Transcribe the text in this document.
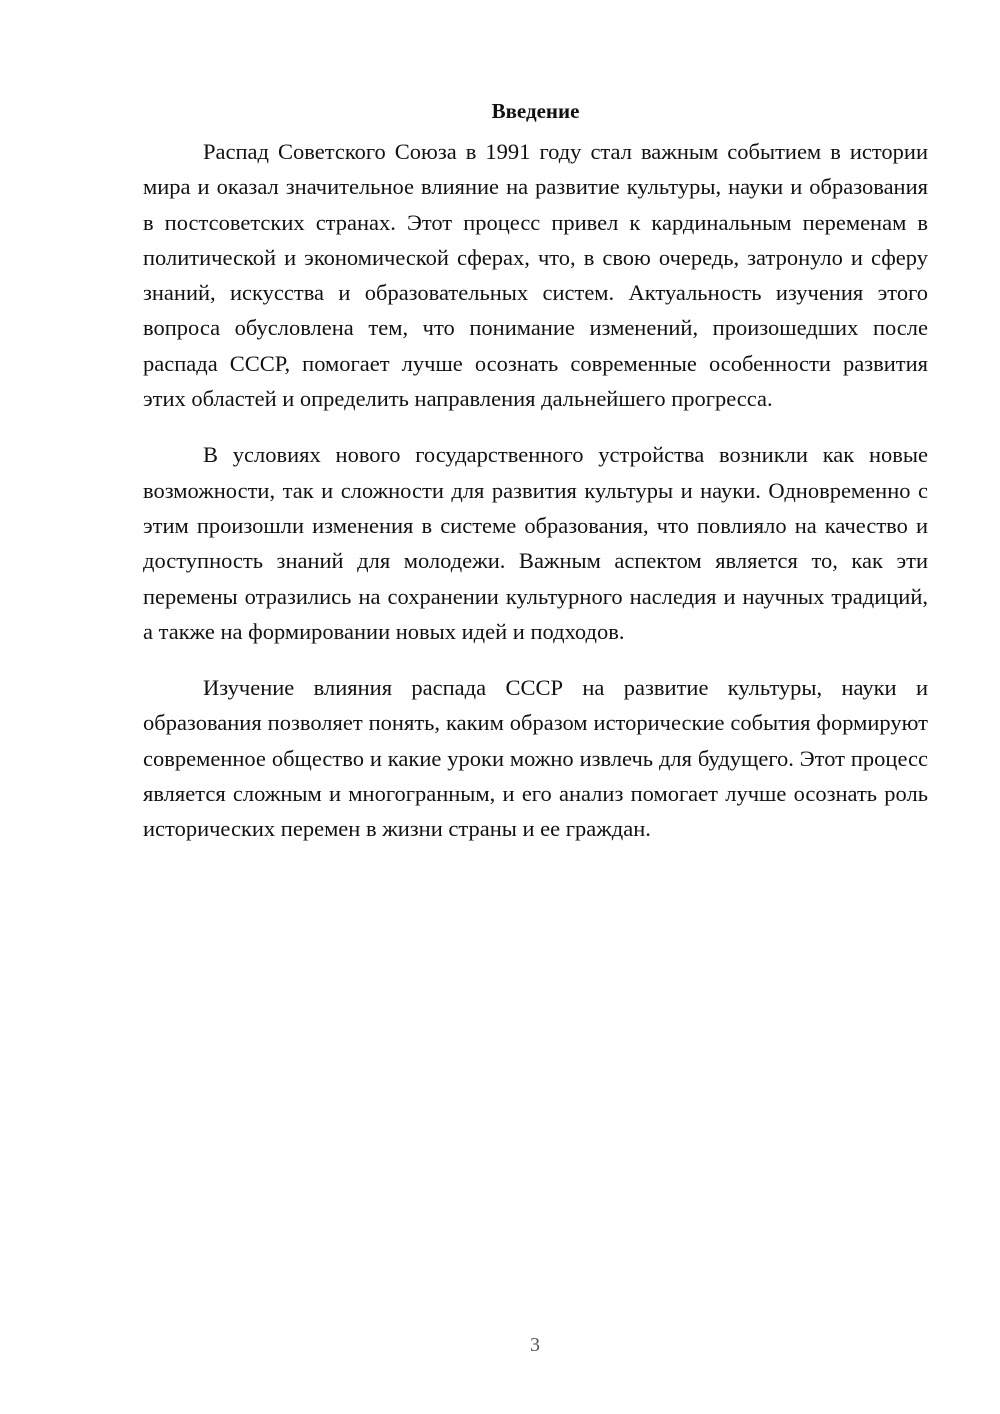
Введение

Распад Советского Союза в 1991 году стал важным событием в истории мира и оказал значительное влияние на развитие культуры, науки и образования в постсоветских странах. Этот процесс привел к кардинальным переменам в политической и экономической сферах, что, в свою очередь, затронуло и сферу знаний, искусства и образовательных систем. Актуальность изучения этого вопроса обусловлена тем, что понимание изменений, произошедших после распада СССР, помогает лучше осознать современные особенности развития этих областей и определить направления дальнейшего прогресса.

В условиях нового государственного устройства возникли как новые возможности, так и сложности для развития культуры и науки. Одновременно с этим произошли изменения в системе образования, что повлияло на качество и доступность знаний для молодежи. Важным аспектом является то, как эти перемены отразились на сохранении культурного наследия и научных традиций, а также на формировании новых идей и подходов.

Изучение влияния распада СССР на развитие культуры, науки и образования позволяет понять, каким образом исторические события формируют современное общество и какие уроки можно извлечь для будущего. Этот процесс является сложным и многогранным, и его анализ помогает лучше осознать роль исторических перемен в жизни страны и ее граждан.

3
